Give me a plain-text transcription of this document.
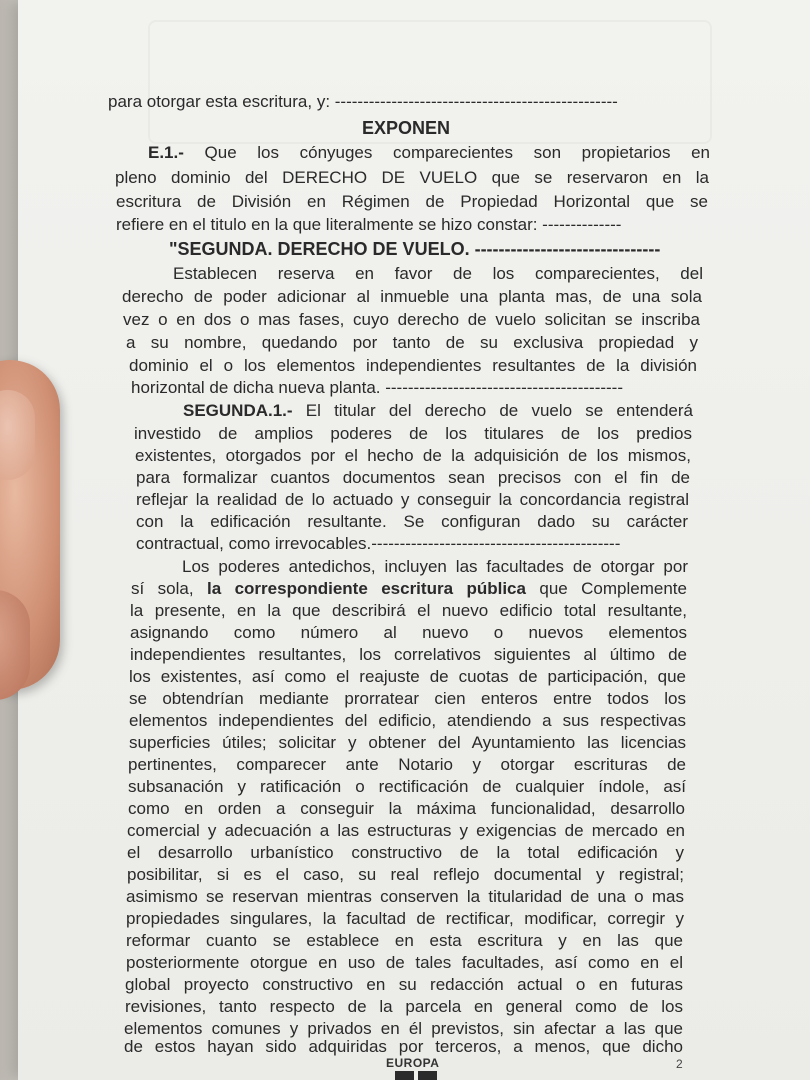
para otorgar esta escritura, y: --------------------------------------------------
EXPONEN
E.1.- Que los cónyuges comparecientes son propietarios en
pleno dominio del DERECHO DE VUELO que se reservaron en la
escritura de División en Régimen de Propiedad Horizontal que se
refiere en el titulo en la que literalmente se hizo constar: --------------
"SEGUNDA. DERECHO DE VUELO. -------------------------------
Establecen reserva en favor de los comparecientes, del
derecho de poder adicionar al inmueble una planta mas, de una sola
vez o en dos o mas fases, cuyo derecho de vuelo solicitan se inscriba
a su nombre, quedando por tanto de su exclusiva propiedad y
dominio el o los elementos independientes resultantes de la división
horizontal de dicha nueva planta. ------------------------------------------
SEGUNDA.1.- El titular del derecho de vuelo se entenderá
investido de amplios poderes de los titulares de los predios
existentes, otorgados por el hecho de la adquisición de los mismos,
para formalizar cuantos documentos sean precisos con el fin de
reflejar la realidad de lo actuado y conseguir la concordancia registral
con la edificación resultante. Se configuran dado su carácter
contractual, como irrevocables.--------------------------------------------
Los poderes antedichos, incluyen las facultades de otorgar por
sí sola, la correspondiente escritura pública que Complemente
la presente, en la que describirá el nuevo edificio total resultante,
asignando como número al nuevo o nuevos elementos
independientes resultantes, los correlativos siguientes al último de
los existentes, así como el reajuste de cuotas de participación, que
se obtendrían mediante prorratear cien enteros entre todos los
elementos independientes del edificio, atendiendo a sus respectivas
superficies útiles; solicitar y obtener del Ayuntamiento las licencias
pertinentes, comparecer ante Notario y otorgar escrituras de
subsanación y ratificación o rectificación de cualquier índole, así
como en orden a conseguir la máxima funcionalidad, desarrollo
comercial y adecuación a las estructuras y exigencias de mercado en
el desarrollo urbanístico constructivo de la total edificación y
posibilitar, si es el caso, su real reflejo documental y registral;
asimismo se reservan mientras conserven la titularidad de una o mas
propiedades singulares, la facultad de rectificar, modificar, corregir y
reformar cuanto se establece en esta escritura y en las que
posteriormente otorgue en uso de tales facultades, así como en el
global proyecto constructivo en su redacción actual o en futuras
revisiones, tanto respecto de la parcela en general como de los
elementos comunes y privados en él previstos, sin afectar a las que
de estos hayan sido adquiridas por terceros, a menos, que dicho
EUROPA	2
